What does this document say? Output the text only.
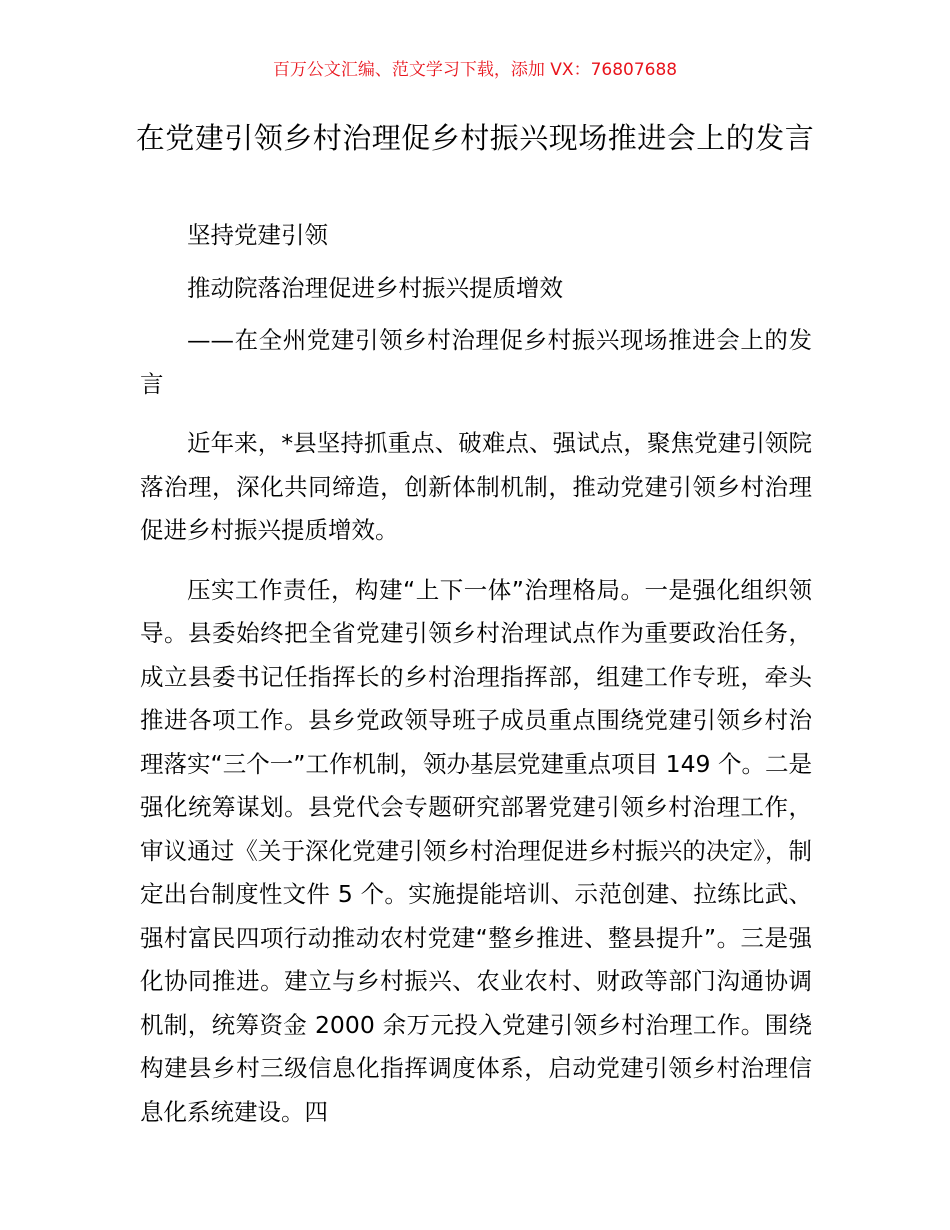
百万公文汇编、范文学习下载，添加 VX：76807688
在党建引领乡村治理促乡村振兴现场推进会上的发言

坚持党建引领

推动院落治理促进乡村振兴提质增效

——在全州党建引领乡村治理促乡村振兴现场推进会上的发言

近年来，*县坚持抓重点、破难点、强试点，聚焦党建引领院落治理，深化共同缔造，创新体制机制，推动党建引领乡村治理促进乡村振兴提质增效。

压实工作责任，构建“上下一体”治理格局。一是强化组织领导。县委始终把全省党建引领乡村治理试点作为重要政治任务，成立县委书记任指挥长的乡村治理指挥部，组建工作专班，牵头推进各项工作。县乡党政领导班子成员重点围绕党建引领乡村治理落实“三个一”工作机制，领办基层党建重点项目 149 个。二是强化统筹谋划。县党代会专题研究部署党建引领乡村治理工作，审议通过《关于深化党建引领乡村治理促进乡村振兴的决定》，制定出台制度性文件 5 个。实施提能培训、示范创建、拉练比武、强村富民四项行动推动农村党建“整乡推进、整县提升”。三是强化协同推进。建立与乡村振兴、农业农村、财政等部门沟通协调机制，统筹资金 2000 余万元投入党建引领乡村治理工作。围绕构建县乡村三级信息化指挥调度体系，启动党建引领乡村治理信息化系统建设。四
